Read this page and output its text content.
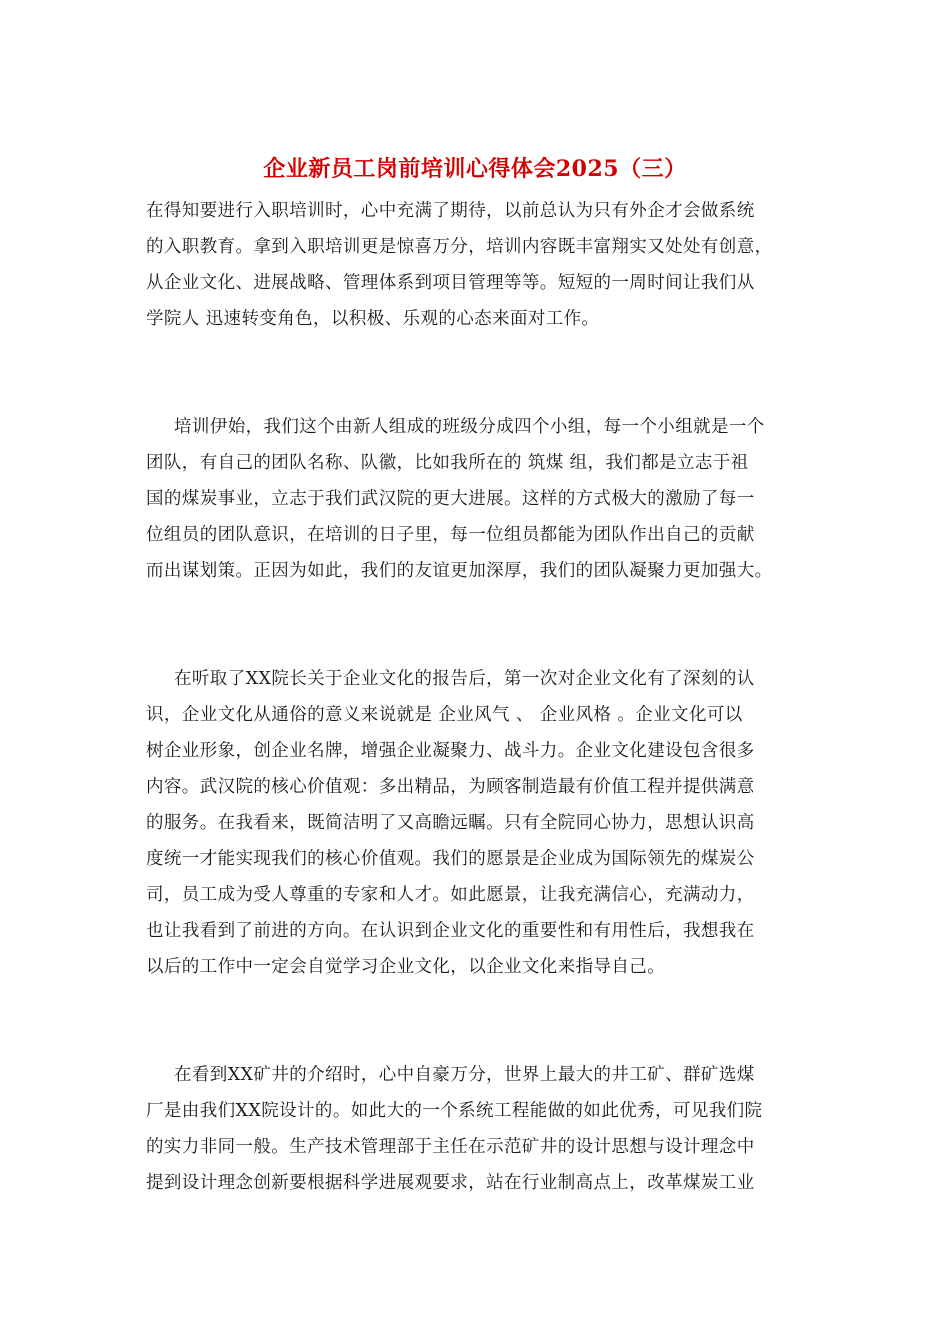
企业新员工岗前培训心得体会2025（三）
在得知要进行入职培训时，心中充满了期待，以前总认为只有外企才会做系统
的入职教育。拿到入职培训更是惊喜万分，培训内容既丰富翔实又处处有创意，
从企业文化、进展战略、管理体系到项目管理等等。短短的一周时间让我们从
学院人 迅速转变角色，以积极、乐观的心态来面对工作。
培训伊始，我们这个由新人组成的班级分成四个小组，每一个小组就是一个
团队，有自己的团队名称、队徽，比如我所在的 筑煤 组，我们都是立志于祖
国的煤炭事业，立志于我们武汉院的更大进展。这样的方式极大的激励了每一
位组员的团队意识，在培训的日子里，每一位组员都能为团队作出自己的贡献
而出谋划策。正因为如此，我们的友谊更加深厚，我们的团队凝聚力更加强大。
在听取了XX院长关于企业文化的报告后，第一次对企业文化有了深刻的认
识，企业文化从通俗的意义来说就是 企业风气 、 企业风格 。企业文化可以
树企业形象，创企业名牌，增强企业凝聚力、战斗力。企业文化建设包含很多
内容。武汉院的核心价值观：多出精品，为顾客制造最有价值工程并提供满意
的服务。在我看来，既简洁明了又高瞻远瞩。只有全院同心协力，思想认识高
度统一才能实现我们的核心价值观。我们的愿景是企业成为国际领先的煤炭公
司，员工成为受人尊重的专家和人才。如此愿景，让我充满信心，充满动力，
也让我看到了前进的方向。在认识到企业文化的重要性和有用性后，我想我在
以后的工作中一定会自觉学习企业文化，以企业文化来指导自己。
在看到XX矿井的介绍时，心中自豪万分，世界上最大的井工矿、群矿选煤
厂是由我们XX院设计的。如此大的一个系统工程能做的如此优秀，可见我们院
的实力非同一般。生产技术管理部于主任在示范矿井的设计思想与设计理念中
提到设计理念创新要根据科学进展观要求，站在行业制高点上，改革煤炭工业
